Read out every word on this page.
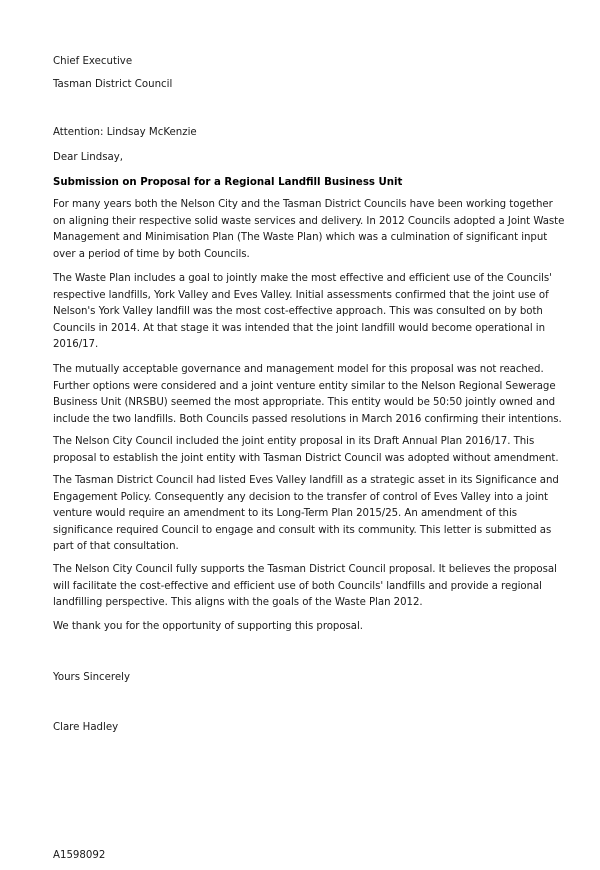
Chief Executive
Tasman District Council
Attention: Lindsay McKenzie
Dear Lindsay,
Submission on Proposal for a Regional Landfill Business Unit
For many years both the Nelson City and the Tasman District Councils have been working together on aligning their respective solid waste services and delivery. In 2012 Councils adopted a Joint Waste Management and Minimisation Plan (The Waste Plan) which was a culmination of significant input over a period of time by both Councils.
The Waste Plan includes a goal to jointly make the most effective and efficient use of the Councils' respective landfills, York Valley and Eves Valley. Initial assessments confirmed that the joint use of Nelson's York Valley landfill was the most cost-effective approach. This was consulted on by both Councils in 2014. At that stage it was intended that the joint landfill would become operational in 2016/17.
The mutually acceptable governance and management model for this proposal was not reached. Further options were considered and a joint venture entity similar to the Nelson Regional Sewerage Business Unit (NRSBU) seemed the most appropriate. This entity would be 50:50 jointly owned and include the two landfills. Both Councils passed resolutions in March 2016 confirming their intentions.
The Nelson City Council included the joint entity proposal in its Draft Annual Plan 2016/17. This proposal to establish the joint entity with Tasman District Council was adopted without amendment.
The Tasman District Council had listed Eves Valley landfill as a strategic asset in its Significance and Engagement Policy. Consequently any decision to the transfer of control of Eves Valley into a joint venture would require an amendment to its Long-Term Plan 2015/25. An amendment of this significance required Council to engage and consult with its community. This letter is submitted as part of that consultation.
The Nelson City Council fully supports the Tasman District Council proposal. It believes the proposal will facilitate the cost-effective and efficient use of both Councils' landfills and provide a regional landfilling perspective. This aligns with the goals of the Waste Plan 2012.
We thank you for the opportunity of supporting this proposal.
Yours Sincerely
Clare Hadley
A1598092
